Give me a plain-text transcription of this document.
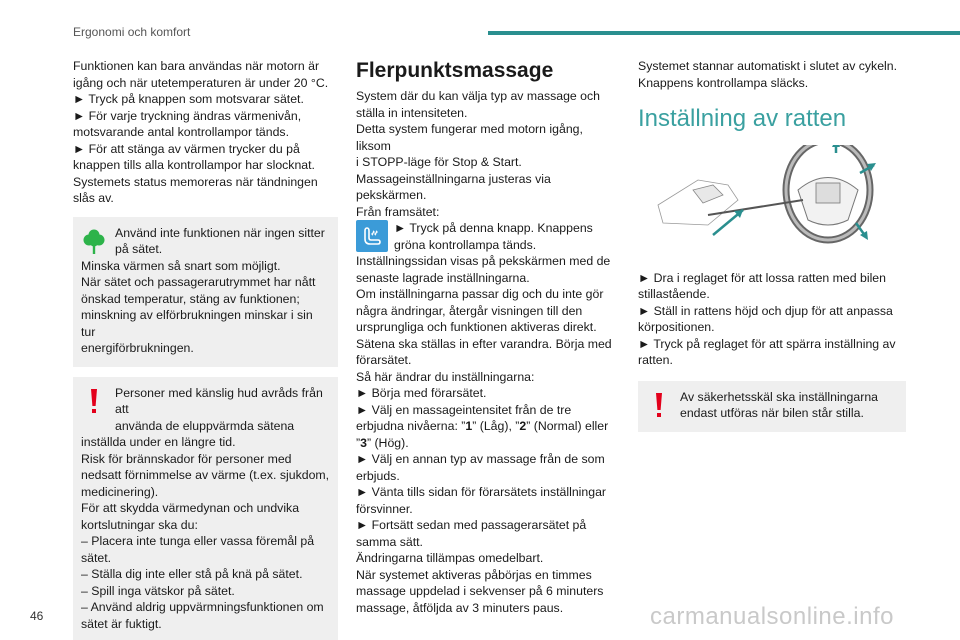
Ergonomi och komfort
Funktionen kan bara användas när motorn är
igång och när utetemperaturen är under 20 °C.
► Tryck på knappen som motsvarar sätet.
► För varje tryckning ändras värmenivån,
motsvarande antal kontrollampor tänds.
► För att stänga av värmen trycker du på
knappen tills alla kontrollampor har slocknat.
Systemets status memoreras när tändningen
slås av.
Använd inte funktionen när ingen sitter
på sätet.
Minska värmen så snart som möjligt.
När sätet och passagerarutrymmet har nått
önskad temperatur, stäng av funktionen;
minskning av elförbrukningen minskar i sin tur
energiförbrukningen.
Personer med känslig hud avråds från att
använda de eluppvärmda sätena
inställda under en längre tid.
Risk för brännskador för personer med
nedsatt förnimmelse av värme (t.ex. sjukdom,
medicinering).
För att skydda värmedynan och undvika
kortslutningar ska du:
– Placera inte tunga eller vassa föremål på
sätet.
– Ställa dig inte eller stå på knä på sätet.
– Spill inga vätskor på sätet.
– Använd aldrig uppvärmningsfunktionen om
sätet är fuktigt.
Flerpunktsmassage
System där du kan välja typ av massage och
ställa in intensiteten.
Detta system fungerar med motorn igång, liksom
i STOPP-läge för Stop & Start.
Massageinställningarna justeras via
pekskärmen.
Från framsätet:
► Tryck på denna knapp. Knappens
gröna kontrollampa tänds.
Inställningssidan visas på pekskärmen med de
senaste lagrade inställningarna.
Om inställningarna passar dig och du inte gör
några ändringar, återgår visningen till den
ursprungliga och funktionen aktiveras direkt.
Sätena ska ställas in efter varandra. Börja med
förarsätet.
Så här ändrar du inställningarna:
► Börja med förarsätet.
► Välj en massageintensitet från de tre
erbjudna nivåerna: ”1” (Låg), ”2” (Normal) eller
”3” (Hög).
► Välj en annan typ av massage från de som
erbjuds.
► Vänta tills sidan för förarsätets inställningar
försvinner.
► Fortsätt sedan med passagerarsätet på
samma sätt.
Ändringarna tillämpas omedelbart.
När systemet aktiveras påbörjas en timmes
massage uppdelad i sekvenser på 6 minuters
massage, åtföljda av 3 minuters paus.
Systemet stannar automatiskt i slutet av cykeln.
Knappens kontrollampa släcks.
Inställning av ratten
► Dra i reglaget för att lossa ratten med bilen
stillastående.
► Ställ in rattens höjd och djup för att anpassa
körpositionen.
► Tryck på reglaget för att spärra inställning av
ratten.
Av säkerhetsskäl ska inställningarna
endast utföras när bilen står stilla.
46	carmanualsonline.info
